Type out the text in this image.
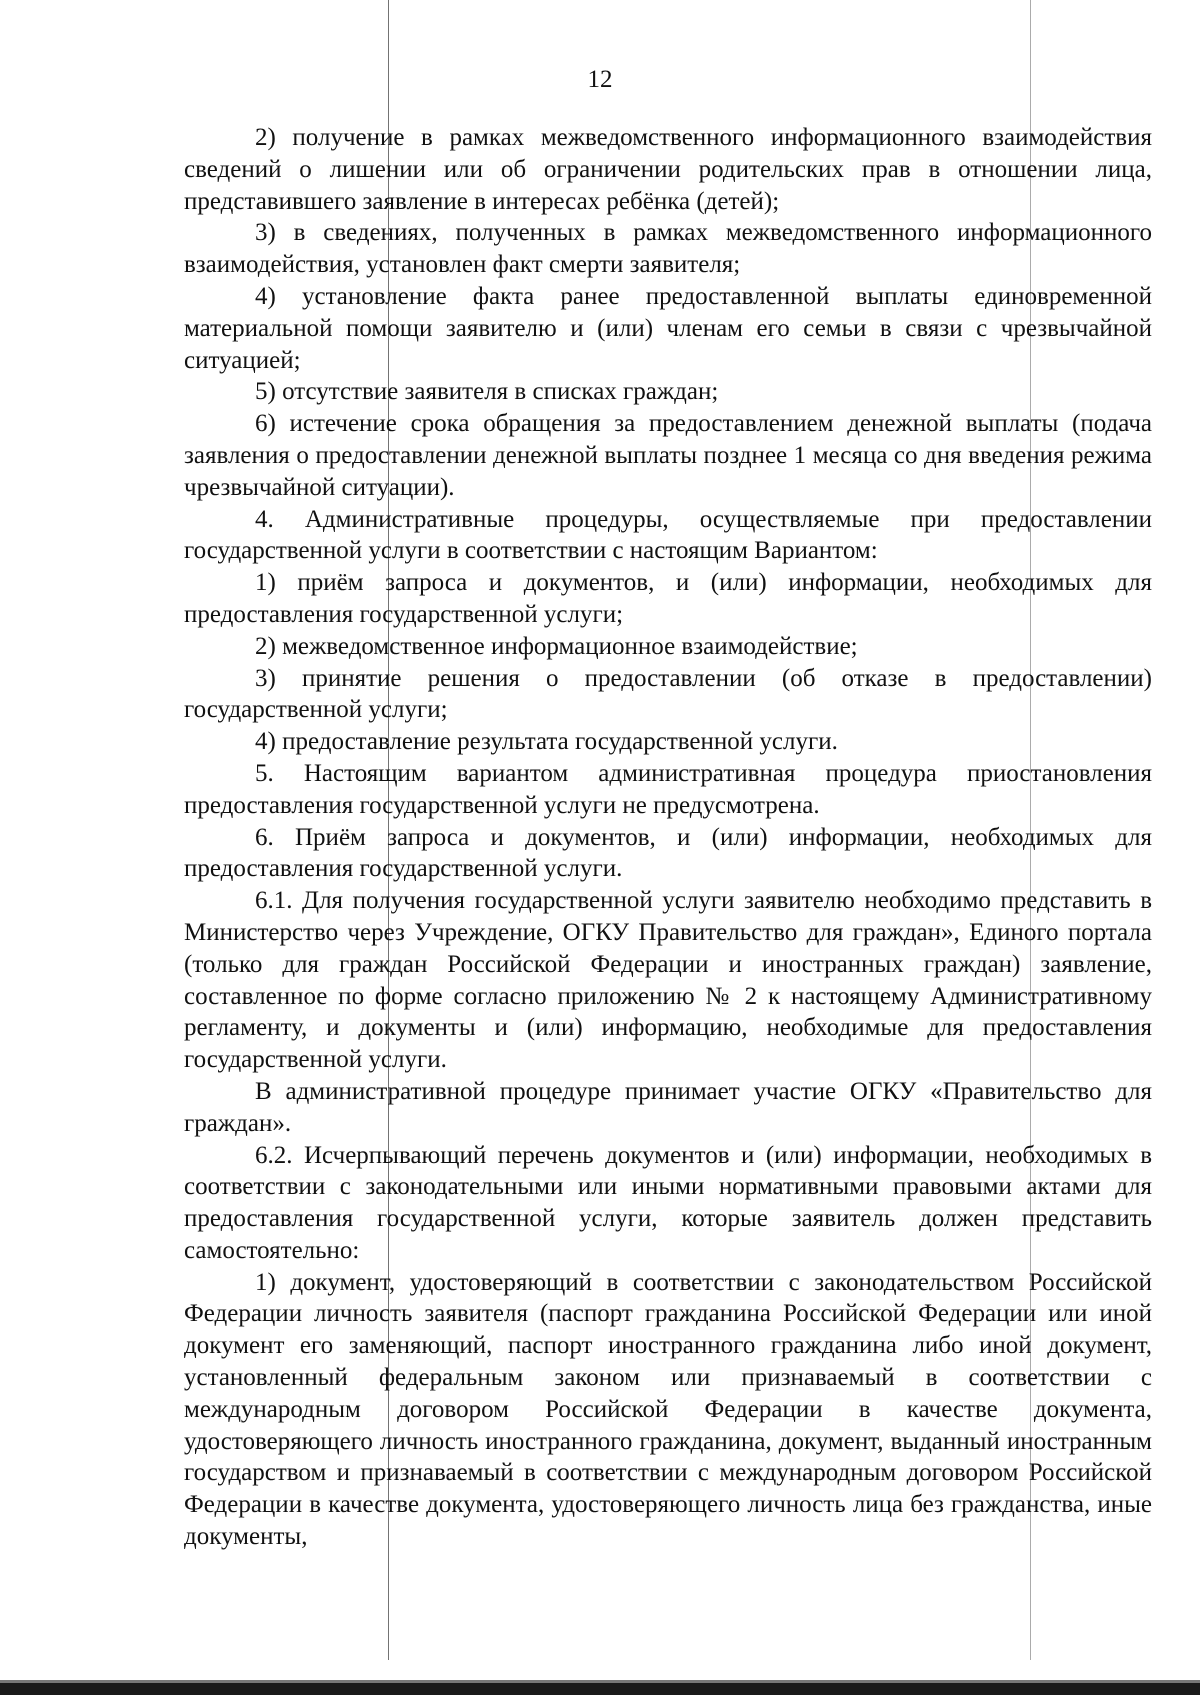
12

2) получение в рамках межведомственного информационного взаимодействия сведений о лишении или об ограничении родительских прав в отношении лица, представившего заявление в интересах ребёнка (детей);

3) в сведениях, полученных в рамках межведомственного информационного взаимодействия, установлен факт смерти заявителя;

4) установление факта ранее предоставленной выплаты единовременной материальной помощи заявителю и (или) членам его семьи в связи с чрезвычайной ситуацией;

5) отсутствие заявителя в списках граждан;

6) истечение срока обращения за предоставлением денежной выплаты (подача заявления о предоставлении денежной выплаты позднее 1 месяца со дня введения режима чрезвычайной ситуации).

4. Административные процедуры, осуществляемые при предоставлении государственной услуги в соответствии с настоящим Вариантом:

1) приём запроса и документов, и (или) информации, необходимых для предоставления государственной услуги;

2) межведомственное информационное взаимодействие;

3) принятие решения о предоставлении (об отказе в предоставлении) государственной услуги;

4) предоставление результата государственной услуги.

5. Настоящим вариантом административная процедура приостановления предоставления государственной услуги не предусмотрена.

6. Приём запроса и документов, и (или) информации, необходимых для предоставления государственной услуги.

6.1. Для получения государственной услуги заявителю необходимо представить в Министерство через Учреждение, ОГКУ Правительство для граждан», Единого портала (только для граждан Российской Федерации и иностранных граждан) заявление, составленное по форме согласно приложению № 2 к настоящему Административному регламенту, и документы и (или) информацию, необходимые для предоставления государственной услуги.

В административной процедуре принимает участие ОГКУ «Правительство для граждан».

6.2. Исчерпывающий перечень документов и (или) информации, необходимых в соответствии с законодательными или иными нормативными правовыми актами для предоставления государственной услуги, которые заявитель должен представить самостоятельно:

1) документ, удостоверяющий в соответствии с законодательством Российской Федерации личность заявителя (паспорт гражданина Российской Федерации или иной документ его заменяющий, паспорт иностранного гражданина либо иной документ, установленный федеральным законом или признаваемый в соответствии с международным договором Российской Федерации в качестве документа, удостоверяющего личность иностранного гражданина, документ, выданный иностранным государством и признаваемый в соответствии с международным договором Российской Федерации в качестве документа, удостоверяющего личность лица без гражданства, иные документы,
